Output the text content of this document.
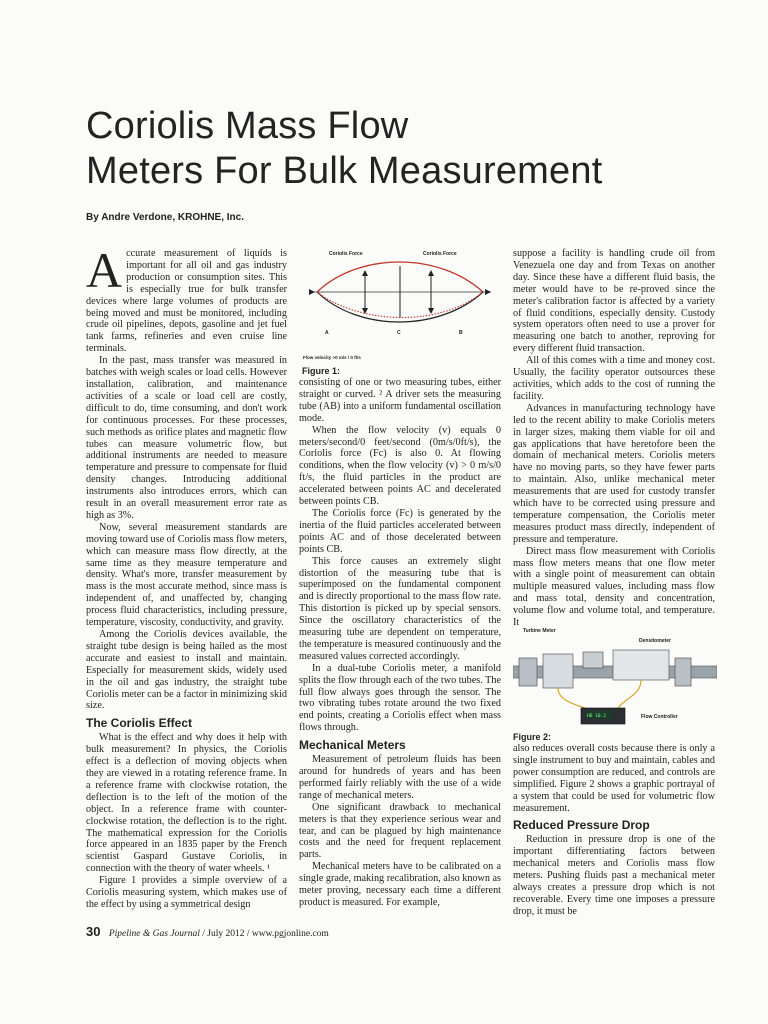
Coriolis Mass Flow
Meters For Bulk Measurement
By Andre Verdone, KROHNE, Inc.

Accurate measurement of liquids is important for all oil and gas industry production or consumption sites. This is especially true for bulk transfer devices where large volumes of products are being moved and must be monitored, including crude oil pipelines, depots, gasoline and jet fuel tank farms, refineries and even cruise line terminals.

In the past, mass transfer was measured in batches with weigh scales or load cells. However installation, calibration, and maintenance activities of a scale or load cell are costly, difficult to do, time consuming, and don't work for continuous processes. For these processes, such methods as orifice plates and magnetic flow tubes can measure volumetric flow, but additional instruments are needed to measure temperature and pressure to compensate for fluid density changes. Introducing additional instruments also introduces errors, which can result in an overall measurement error rate as high as 3%.

Now, several measurement standards are moving toward use of Coriolis mass flow meters, which can measure mass flow directly, at the same time as they measure temperature and density. What's more, transfer measurement by mass is the most accurate method, since mass is independent of, and unaffected by, changing process fluid characteristics, including pressure, temperature, viscosity, conductivity, and gravity.

Among the Coriolis devices available, the straight tube design is being hailed as the most accurate and easiest to install and maintain. Especially for measurement skids, widely used in the oil and gas industry, the straight tube Coriolis meter can be a factor in minimizing skid size.

The Coriolis Effect

What is the effect and why does it help with bulk measurement? In physics, the Coriolis effect is a deflection of moving objects when they are viewed in a rotating reference frame. In a reference frame with clockwise rotation, the deflection is to the left of the motion of the object. In a reference frame with counter-clockwise rotation, the deflection is to the right. The mathematical expression for the Coriolis force appeared in an 1835 paper by the French scientist Gaspard Gustave Coriolis, in connection with the theory of water wheels. ¹

Figure 1 provides a simple overview of a Coriolis measuring system, which makes use of the effect by using a symmetrical design

Coriolis Force	Coriolis Force
A	C	B
Flow velocity >0 m/s / 0 ft/s
Figure 1:

consisting of one or two measuring tubes, either straight or curved. ² A driver sets the measuring tube (AB) into a uniform fundamental oscillation mode.

When the flow velocity (v) equals 0 meters/second/0 feet/second (0m/s/0ft/s), the Coriolis force (Fc) is also 0. At flowing conditions, when the flow velocity (v) > 0 m/s/0 ft/s, the fluid particles in the product are accelerated between points AC and decelerated between points CB.

The Coriolis force (Fc) is generated by the inertia of the fluid particles accelerated between points AC and of those decelerated between points CB.

This force causes an extremely slight distortion of the measuring tube that is superimposed on the fundamental component and is directly proportional to the mass flow rate. This distortion is picked up by special sensors. Since the oscillatory characteristics of the measuring tube are dependent on temperature, the temperature is measured continuously and the measured values corrected accordingly.

In a dual-tube Coriolis meter, a manifold splits the flow through each of the two tubes. The full flow always goes through the sensor. The two vibrating tubes rotate around the two fixed end points, creating a Coriolis effect when mass flows through.

Mechanical Meters

Measurement of petroleum fluids has been around for hundreds of years and has been performed fairly reliably with the use of a wide range of mechanical meters.

One significant drawback to mechanical meters is that they experience serious wear and tear, and can be plagued by high maintenance costs and the need for frequent replacement parts.

Mechanical meters have to be calibrated on a single grade, making recalibration, also known as meter proving, necessary each time a different product is measured. For example,

suppose a facility is handling crude oil from Venezuela one day and from Texas on another day. Since these have a different fluid basis, the meter would have to be re-proved since the meter's calibration factor is affected by a variety of fluid conditions, especially density. Custody system operators often need to use a prover for measuring one batch to another, reproving for every different fluid transaction.

All of this comes with a time and money cost. Usually, the facility operator outsources these activities, which adds to the cost of running the facility.

Advances in manufacturing technology have led to the recent ability to make Coriolis meters in larger sizes, making them viable for oil and gas applications that have heretofore been the domain of mechanical meters. Coriolis meters have no moving parts, so they have fewer parts to maintain. Also, unlike mechanical meter measurements that are used for custody transfer which have to be corrected using pressure and temperature compensation, the Coriolis meter measures product mass directly, independent of pressure and temperature.

Direct mass flow measurement with Coriolis mass flow meters means that one flow meter with a single point of measurement can obtain multiple measured values, including mass flow and mass total, density and concentration, volume flow and volume total, and temperature. It

also reduces overall costs because there is only a single instrument to buy and maintain, cables and power consumption are reduced, and controls are simplified. Figure 2 shows a graphic portrayal of a system that could be used for volumetric flow measurement.

Reduced Pressure Drop

Reduction in pressure drop is one of the important differentiating factors between mechanical meters and Coriolis mass flow meters. Pushing fluids past a mechanical meter always creates a pressure drop which is not recoverable. Every time one imposes a pressure drop, it must be

Turbine Meter
Densitometer
HD 10.2	Flow Controller
Figure 2:
30 Pipeline & Gas Journal / July 2012 / www.pgjonline.com
